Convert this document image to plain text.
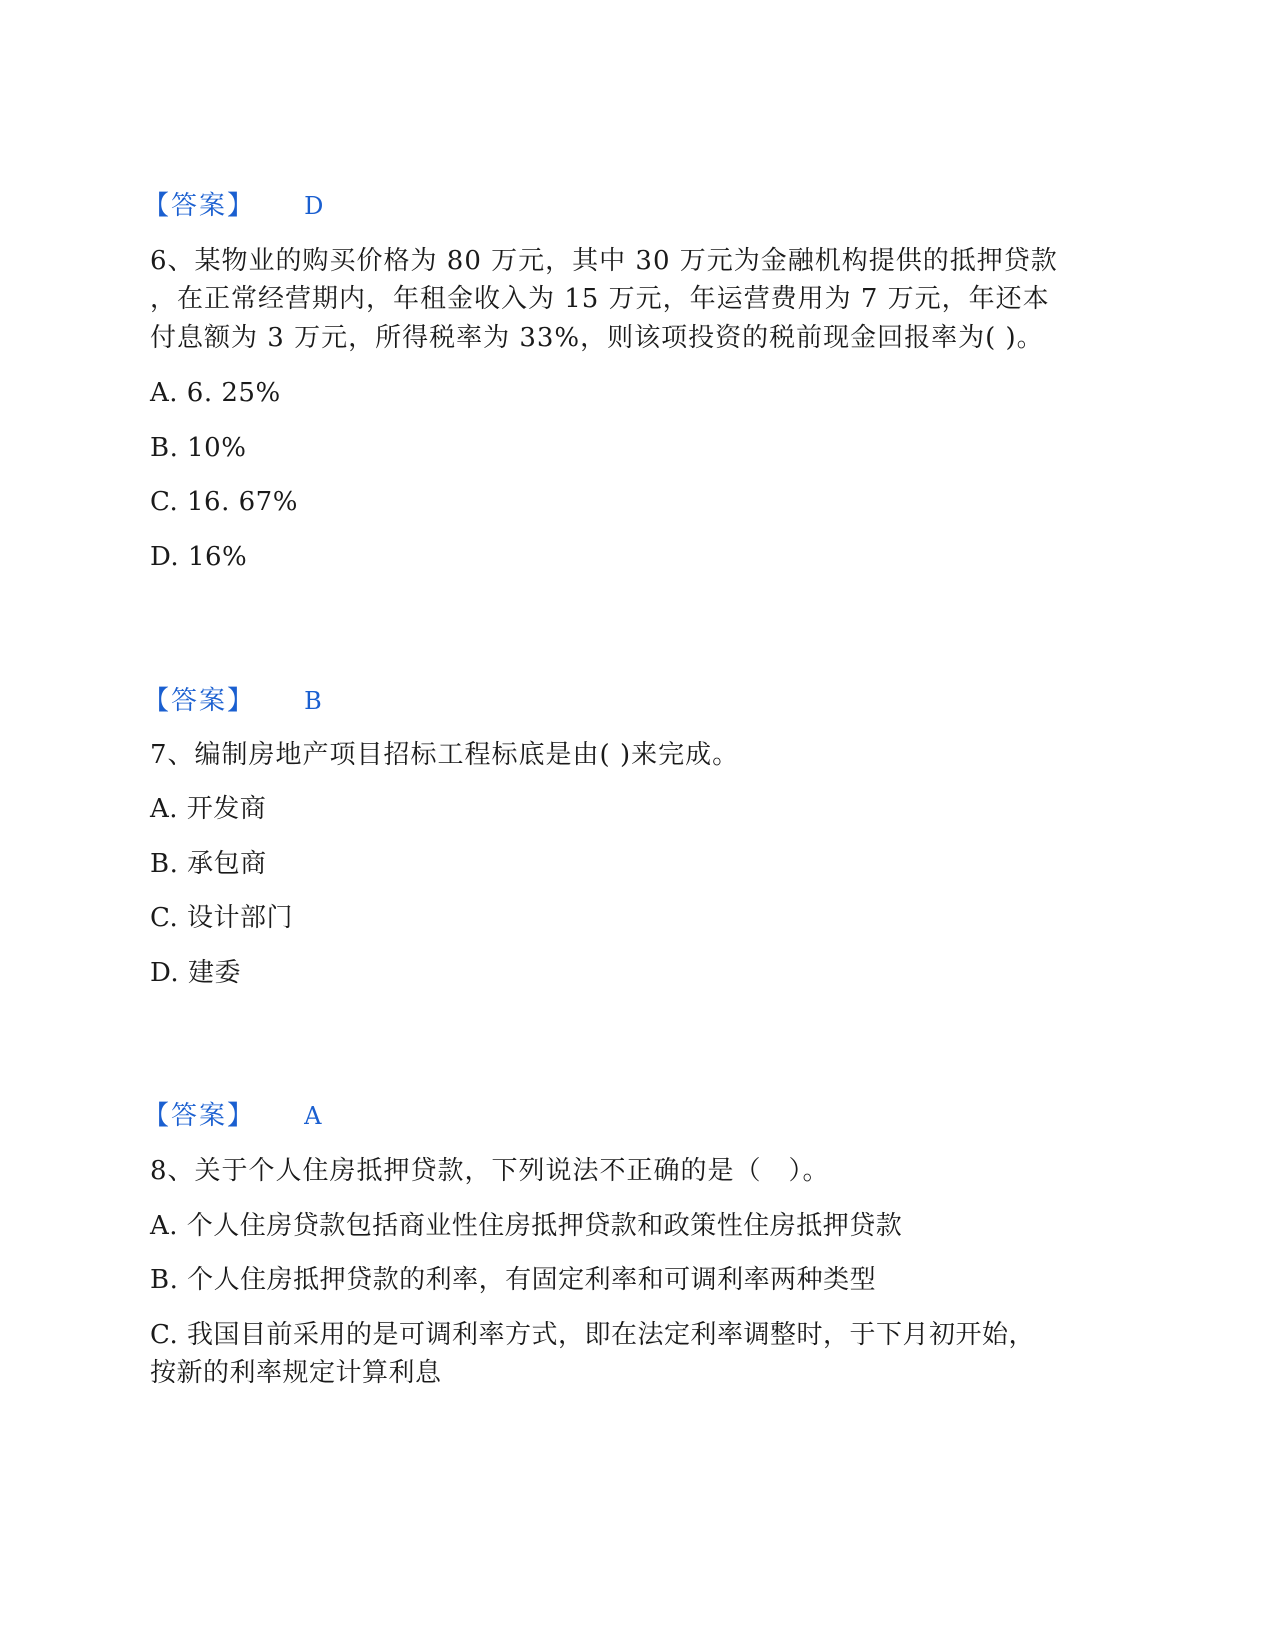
【答案】 D
6、某物业的购买价格为 80 万元，其中 30 万元为金融机构提供的抵押贷款
，在正常经营期内，年租金收入为 15 万元，年运营费用为 7 万元，年还本
付息额为 3 万元，所得税率为 33%，则该项投资的税前现金回报率为( )。
A. 6. 25%
B. 10%
C. 16. 67%
D. 16%
【答案】 B
7、编制房地产项目招标工程标底是由( )来完成。
A. 开发商
B. 承包商
C. 设计部门
D. 建委
【答案】 A
8、关于个人住房抵押贷款，下列说法不正确的是（　）。
A. 个人住房贷款包括商业性住房抵押贷款和政策性住房抵押贷款
B. 个人住房抵押贷款的利率，有固定利率和可调利率两种类型
C. 我国目前采用的是可调利率方式，即在法定利率调整时，于下月初开始，
按新的利率规定计算利息
